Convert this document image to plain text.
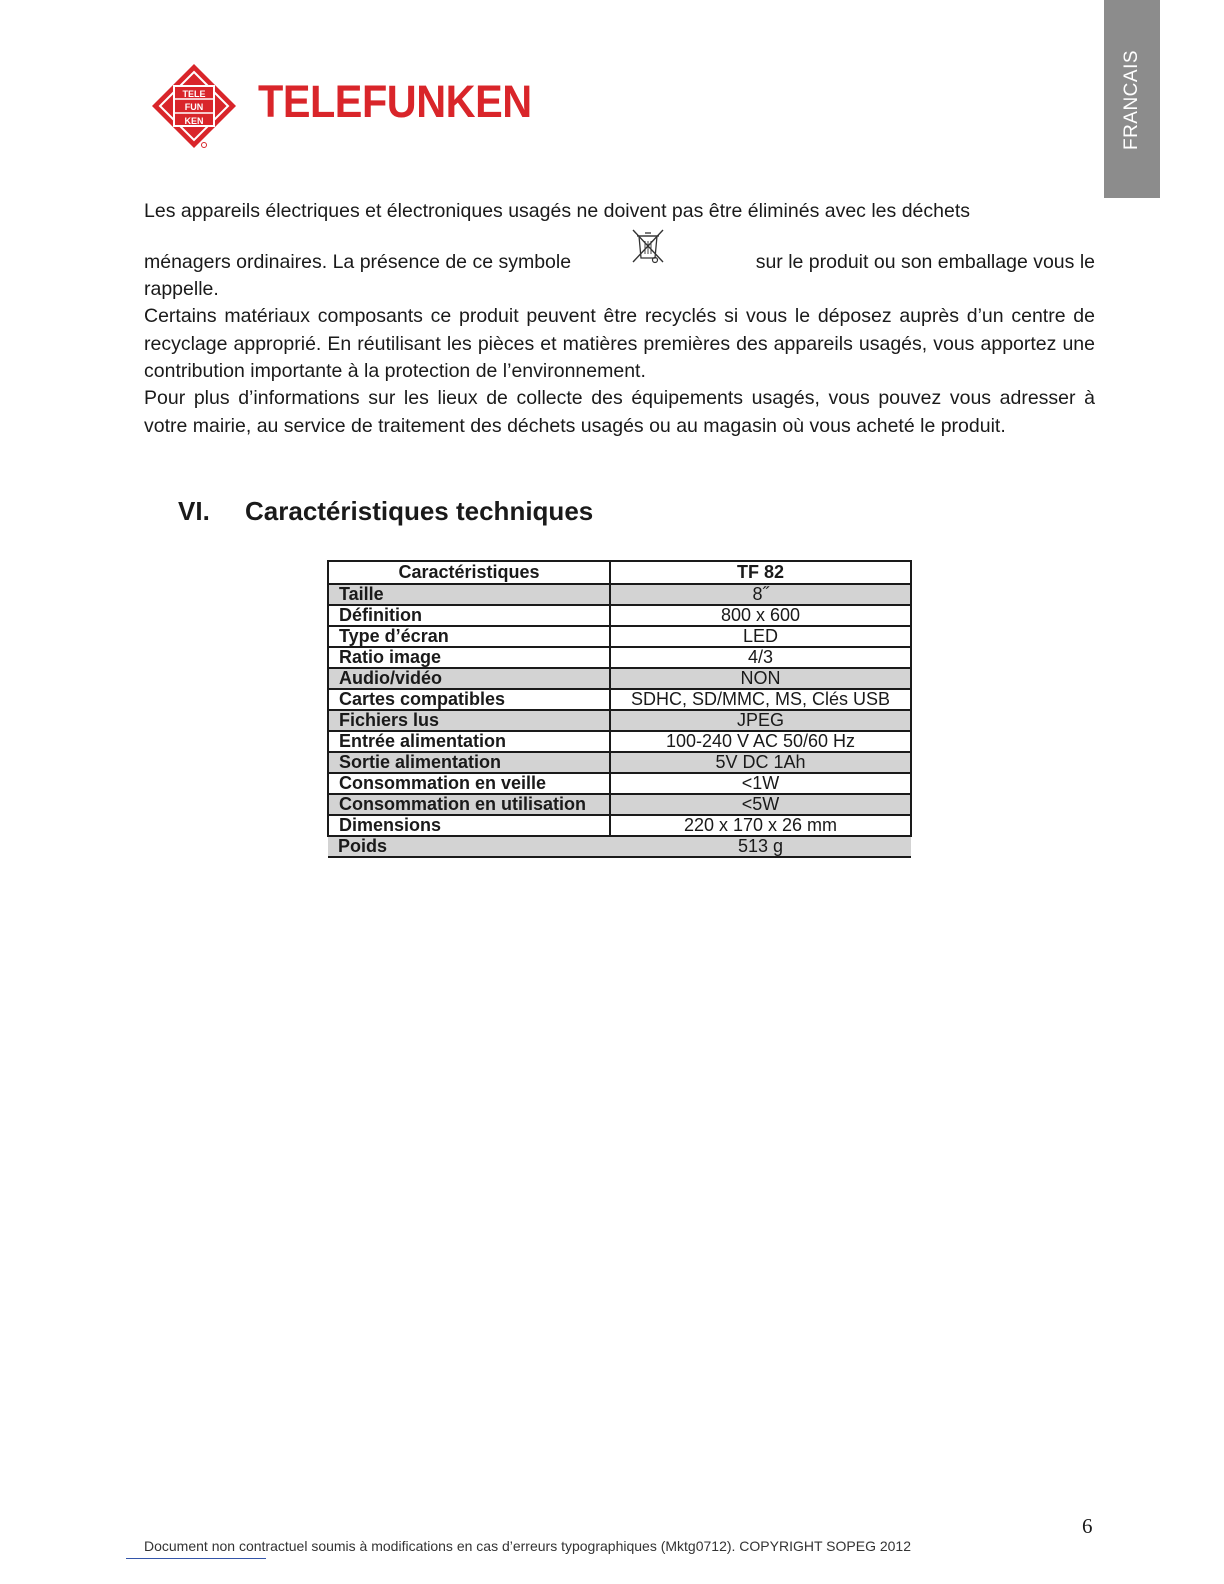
FRANCAIS
TELE
FUN
KEN TELEFUNKEN

Les appareils électriques et électroniques usagés ne doivent pas être éliminés avec les déchets

ménagers ordinaires. La présence de ce symbole	sur le produit ou son emballage vous le

rappelle.

Certains matériaux composants ce produit peuvent être recyclés si vous le déposez auprès d’un centre de recyclage approprié. En réutilisant les pièces et matières premières des appareils usagés, vous apportez une contribution importante à la protection de l’environnement.

Pour plus d’informations sur les lieux de collecte des équipements usagés, vous pouvez vous adresser à votre mairie, au service de traitement des déchets usagés ou au magasin où vous acheté le produit.

VI. Caractéristiques techniques
Caractéristiques	TF 82
Taille	8˝
Définition	800 x 600
Type d’écran	LED
Ratio image	4/3
Audio/vidéo	NON
Cartes compatibles	SDHC, SD/MMC, MS, Clés USB
Fichiers lus	JPEG
Entrée alimentation	100-240 V AC 50/60 Hz
Sortie alimentation	5V DC 1Ah
Consommation en veille	<1W
Consommation en utilisation	<5W
Dimensions	220 x 170 x 26 mm
Poids	513 g
6
Document non contractuel soumis à modifications en cas d’erreurs typographiques (Mktg0712). COPYRIGHT SOPEG 2012
